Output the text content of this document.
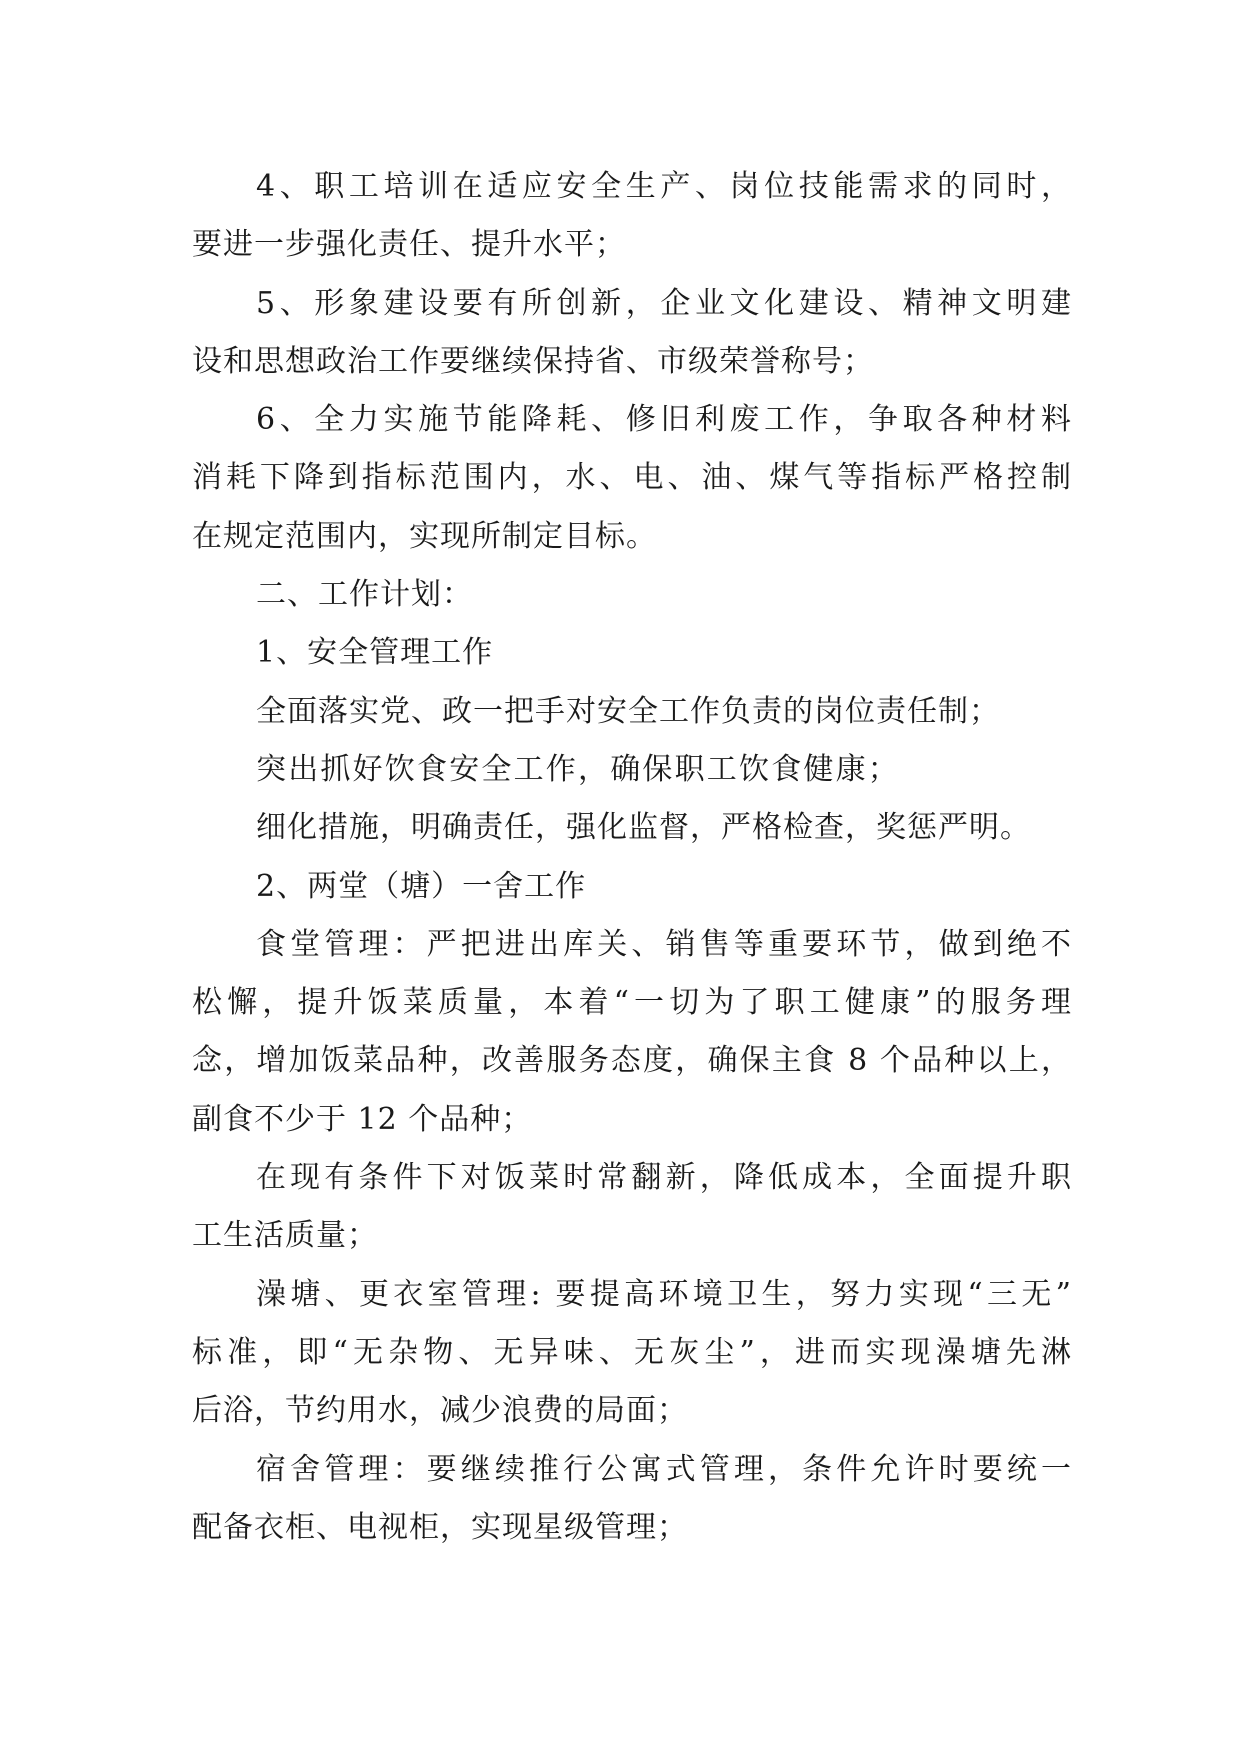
4、职工培训在适应安全生产、岗位技能需求的同时，
要进一步强化责任、提升水平；

5、形象建设要有所创新，企业文化建设、精神文明建
设和思想政治工作要继续保持省、市级荣誉称号；

6、全力实施节能降耗、修旧利废工作，争取各种材料
消耗下降到指标范围内，水、电、油、煤气等指标严格控制
在规定范围内，实现所制定目标。

二、工作计划：

1、安全管理工作

全面落实党、政一把手对安全工作负责的岗位责任制；

突出抓好饮食安全工作，确保职工饮食健康；

细化措施，明确责任，强化监督，严格检查，奖惩严明。

2、两堂（塘）一舍工作

食堂管理：严把进出库关、销售等重要环节，做到绝不
松懈，提升饭菜质量，本着“一切为了职工健康”的服务理
念，增加饭菜品种，改善服务态度，确保主食 8 个品种以上，
副食不少于 12 个品种；

在现有条件下对饭菜时常翻新，降低成本，全面提升职
工生活质量；

澡塘、更衣室管理: 要提高环境卫生，努力实现“三无”
标准，即“无杂物、无异味、无灰尘”，进而实现澡塘先淋
后浴，节约用水，减少浪费的局面；

宿舍管理：要继续推行公寓式管理，条件允许时要统一
配备衣柜、电视柜，实现星级管理；
